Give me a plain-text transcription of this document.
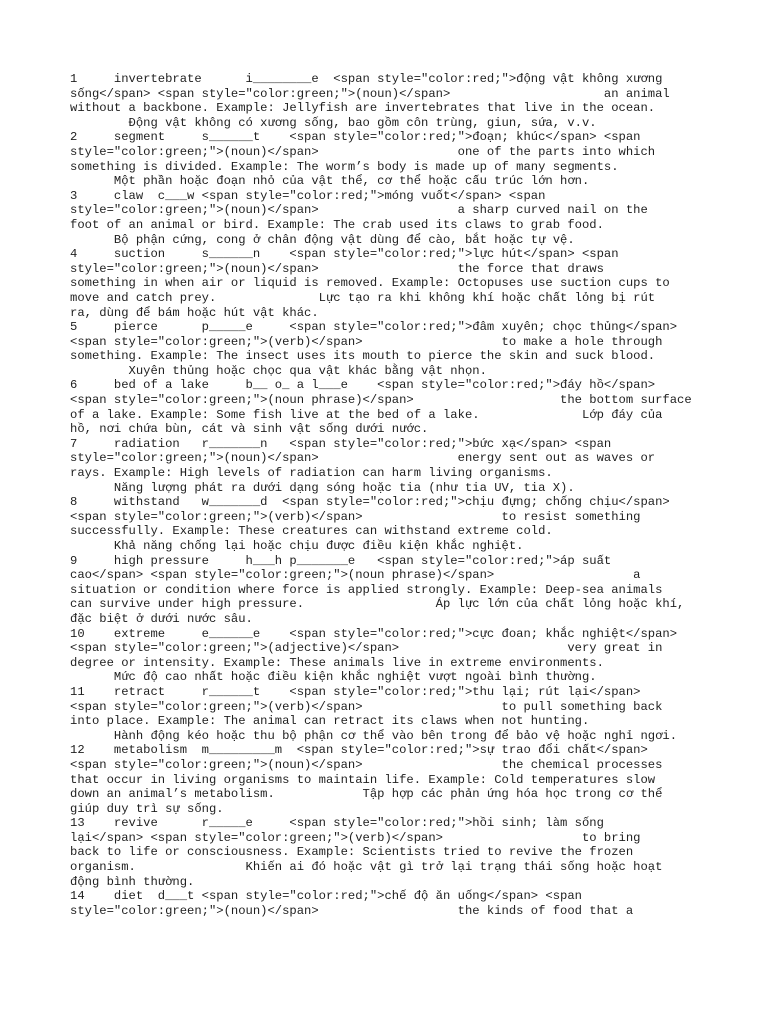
1     invertebrate      i________e  <span style="color:red;">động vật không xương

sống</span> <span style="color:green;">(noun)</span>                     an animal

without a backbone. Example: Jellyfish are invertebrates that live in the ocean.

Động vật không có xương sống, bao gồm côn trùng, giun, sứa, v.v.

2     segment     s______t    <span style="color:red;">đoạn; khúc</span> <span

style="color:green;">(noun)</span>                   one of the parts into which

something is divided. Example: The worm’s body is made up of many segments.

Một phần hoặc đoạn nhỏ của vật thể, cơ thể hoặc cấu trúc lớn hơn.

3     claw  c___w <span style="color:red;">móng vuốt</span> <span

style="color:green;">(noun)</span>                   a sharp curved nail on the

foot of an animal or bird. Example: The crab used its claws to grab food.

Bộ phận cứng, cong ở chân động vật dùng để cào, bắt hoặc tự vệ.

4     suction     s______n    <span style="color:red;">lực hút</span> <span

style="color:green;">(noun)</span>                   the force that draws

something in when air or liquid is removed. Example: Octopuses use suction cups to

move and catch prey.              Lực tạo ra khi không khí hoặc chất lỏng bị rút

ra, dùng để bám hoặc hút vật khác.

5     pierce      p_____e     <span style="color:red;">đâm xuyên; chọc thủng</span>

<span style="color:green;">(verb)</span>                   to make a hole through

something. Example: The insect uses its mouth to pierce the skin and suck blood.

Xuyên thủng hoặc chọc qua vật khác bằng vật nhọn.

6     bed of a lake     b__ o_ a l___e    <span style="color:red;">đáy hồ</span>

<span style="color:green;">(noun phrase)</span>                    the bottom surface

of a lake. Example: Some fish live at the bed of a lake.              Lớp đáy của

hồ, nơi chứa bùn, cát và sinh vật sống dưới nước.

7     radiation   r_______n   <span style="color:red;">bức xạ</span> <span

style="color:green;">(noun)</span>                   energy sent out as waves or

rays. Example: High levels of radiation can harm living organisms.

Năng lượng phát ra dưới dạng sóng hoặc tia (như tia UV, tia X).

8     withstand   w_______d  <span style="color:red;">chịu đựng; chống chịu</span>

<span style="color:green;">(verb)</span>                   to resist something

successfully. Example: These creatures can withstand extreme cold.

Khả năng chống lại hoặc chịu được điều kiện khắc nghiệt.

9     high pressure     h___h p_______e   <span style="color:red;">áp suất

cao</span> <span style="color:green;">(noun phrase)</span>                   a

situation or condition where force is applied strongly. Example: Deep-sea animals

can survive under high pressure.                  Áp lực lớn của chất lỏng hoặc khí,

đặc biệt ở dưới nước sâu.

10    extreme     e______e    <span style="color:red;">cực đoan; khắc nghiệt</span>

<span style="color:green;">(adjective)</span>                       very great in

degree or intensity. Example: These animals live in extreme environments.

Mức độ cao nhất hoặc điều kiện khắc nghiệt vượt ngoài bình thường.

11    retract     r______t    <span style="color:red;">thu lại; rút lại</span>

<span style="color:green;">(verb)</span>                   to pull something back

into place. Example: The animal can retract its claws when not hunting.

Hành động kéo hoặc thu bộ phận cơ thể vào bên trong để bảo vệ hoặc nghỉ ngơi.

12    metabolism  m_________m  <span style="color:red;">sự trao đổi chất</span>

<span style="color:green;">(noun)</span>                   the chemical processes

that occur in living organisms to maintain life. Example: Cold temperatures slow

down an animal’s metabolism.            Tập hợp các phản ứng hóa học trong cơ thể

giúp duy trì sự sống.

13    revive      r_____e     <span style="color:red;">hồi sinh; làm sống

lại</span> <span style="color:green;">(verb)</span>                   to bring

back to life or consciousness. Example: Scientists tried to revive the frozen

organism.               Khiến ai đó hoặc vật gì trở lại trạng thái sống hoặc hoạt

động bình thường.

14    diet  d___t <span style="color:red;">chế độ ăn uống</span> <span

style="color:green;">(noun)</span>                   the kinds of food that a
